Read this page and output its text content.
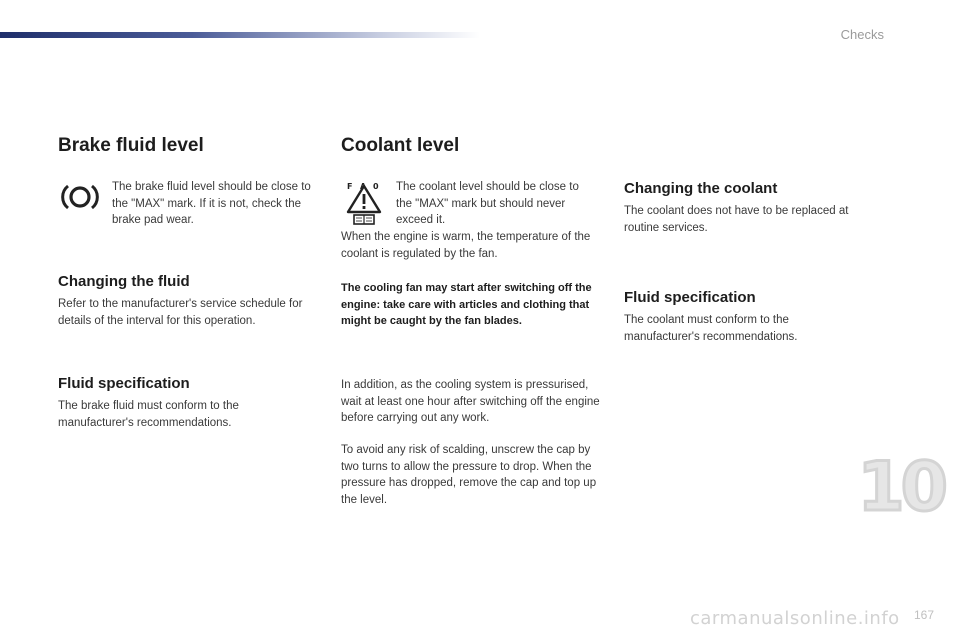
Checks
Brake fluid level

The brake fluid level should be close to the "MAX" mark. If it is not, check the brake pad wear.

Changing the fluid

Refer to the manufacturer's service schedule for details of the interval for this operation.

Fluid specification

The brake fluid must conform to the manufacturer's recommendations.

Coolant level
F A 0 The coolant level should be close to the "MAX" mark but should never exceed it.

When the engine is warm, the temperature of the coolant is regulated by the fan.

The cooling fan may start after switching off the engine: take care with articles and clothing that might be caught by the fan blades.

In addition, as the cooling system is pressurised, wait at least one hour after switching off the engine before carrying out any work.

To avoid any risk of scalding, unscrew the cap by two turns to allow the pressure to drop. When the pressure has dropped, remove the cap and top up the level.

Changing the coolant

The coolant does not have to be replaced at routine services.

Fluid specification

The coolant must conform to the manufacturer's recommendations.

10
carmanualsonline.info 167
